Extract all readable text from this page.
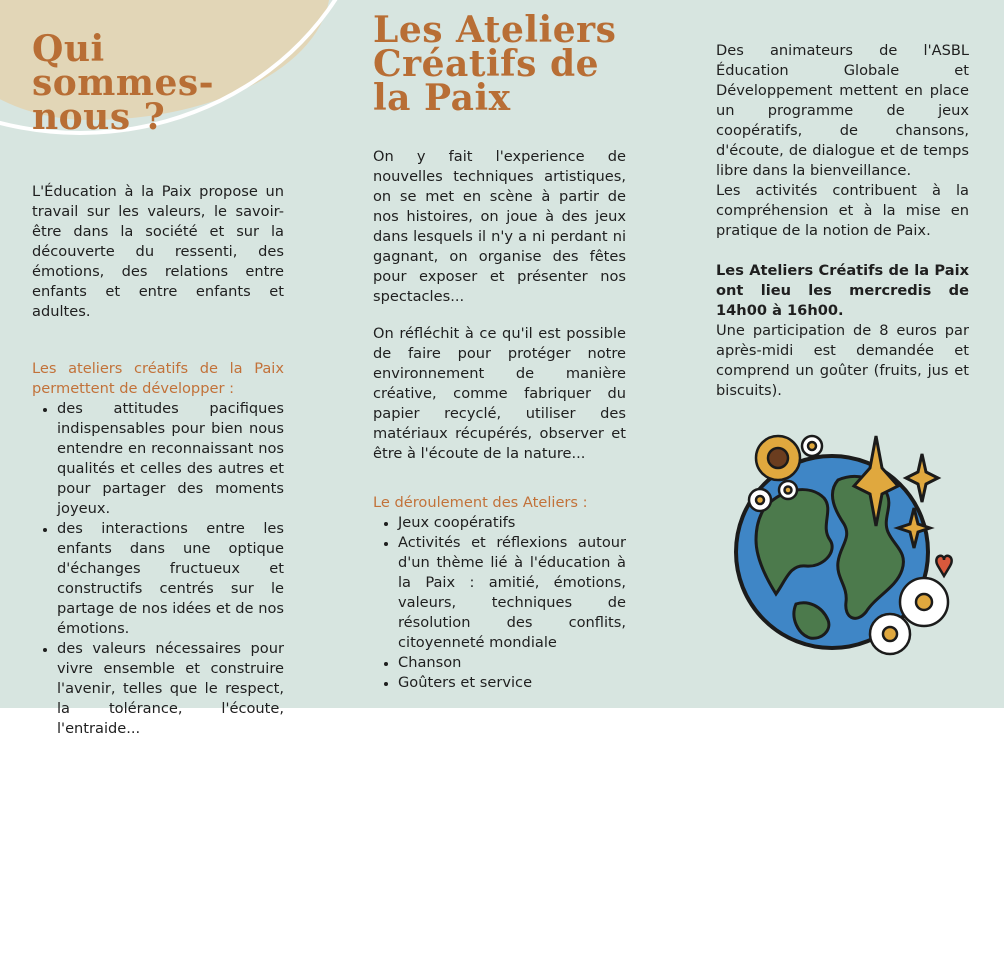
Qui sommes-nous ?

L'Éducation à la Paix propose un travail sur les valeurs, le savoir-être dans la société et sur la découverte du ressenti, des émotions, des relations entre enfants et entre enfants et adultes.

Les ateliers créatifs de la Paix permettent de développer :

• des attitudes pacifiques indispensables pour bien nous entendre en reconnaissant nos qualités et celles des autres et pour partager des moments joyeux.
• des interactions entre les enfants dans une optique d'échanges fructueux et constructifs centrés sur le partage de nos idées et de nos émotions.
• des valeurs nécessaires pour vivre ensemble et construire l'avenir, telles que le respect, la tolérance, l'écoute, l'entraide...
Les Ateliers Créatifs de la Paix

On y fait l'experience de nouvelles techniques artistiques, on se met en scène à partir de nos histoires, on joue à des jeux dans lesquels il n'y a ni perdant ni gagnant, on organise des fêtes pour exposer et présenter nos spectacles...

On réfléchit à ce qu'il est possible de faire pour protéger notre environnement de manière créative, comme fabriquer du papier recyclé, utiliser des matériaux récupérés, observer et être à l'écoute de la nature...

Le déroulement des Ateliers :

• Jeux coopératifs
• Activités et réflexions autour d'un thème lié à l'éducation à la Paix : amitié, émotions, valeurs, techniques de résolution des conflits, citoyenneté mondiale
• Chanson
• Goûters et service

Des animateurs de l'ASBL Éducation Globale et Développement mettent en place un programme de jeux coopératifs, de chansons, d'écoute, de dialogue et de temps libre dans la bienveillance.

Les activités contribuent à la compréhension et à la mise en pratique de la notion de Paix.

Les Ateliers Créatifs de la Paix ont lieu les mercredis de 14h00 à 16h00.

Une participation de 8 euros par après-midi est demandée et comprend un goûter (fruits, jus et biscuits).
